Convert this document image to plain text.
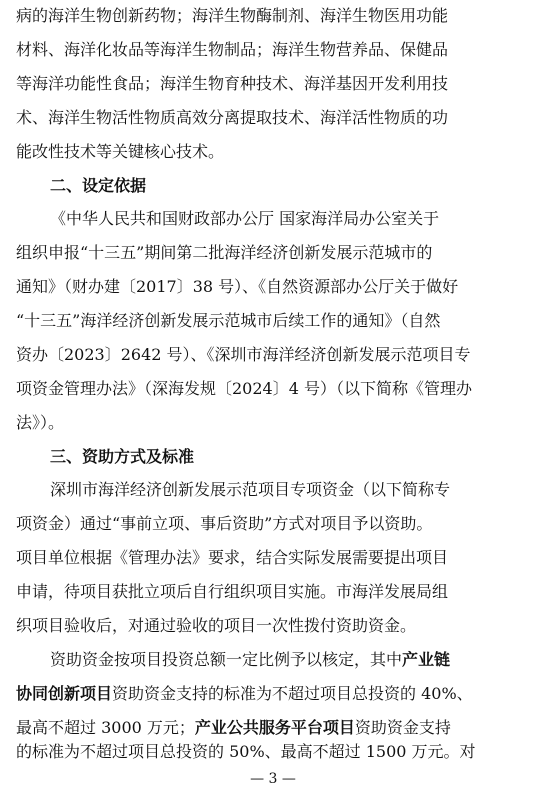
病的海洋生物创新药物；海洋生物酶制剂、海洋生物医用功能
材料、海洋化妆品等海洋生物制品；海洋生物营养品、保健品
等海洋功能性食品；海洋生物育种技术、海洋基因开发利用技
术、海洋生物活性物质高效分离提取技术、海洋活性物质的功
能改性技术等关键核心技术。
二、设定依据
《中华人民共和国财政部办公厅 国家海洋局办公室关于
组织申报“十三五”期间第二批海洋经济创新发展示范城市的
通知》（财办建〔2017〕38 号）、《自然资源部办公厅关于做好
“十三五”海洋经济创新发展示范城市后续工作的通知》（自然
资办〔2023〕2642 号）、《深圳市海洋经济创新发展示范项目专
项资金管理办法》（深海发规〔2024〕4 号）（以下简称《管理办
法》）。
三、资助方式及标准
深圳市海洋经济创新发展示范项目专项资金（以下简称专
项资金）通过“事前立项、事后资助”方式对项目予以资助。
项目单位根据《管理办法》要求，结合实际发展需要提出项目
申请，待项目获批立项后自行组织项目实施。市海洋发展局组
织项目验收后，对通过验收的项目一次性拨付资助资金。
资助资金按项目投资总额一定比例予以核定，其中产业链
协同创新项目资助资金支持的标准为不超过项目总投资的 40%、
最高不超过 3000 万元；产业公共服务平台项目资助资金支持
的标准为不超过项目总投资的 50%、最高不超过 1500 万元。对
— 3 —
